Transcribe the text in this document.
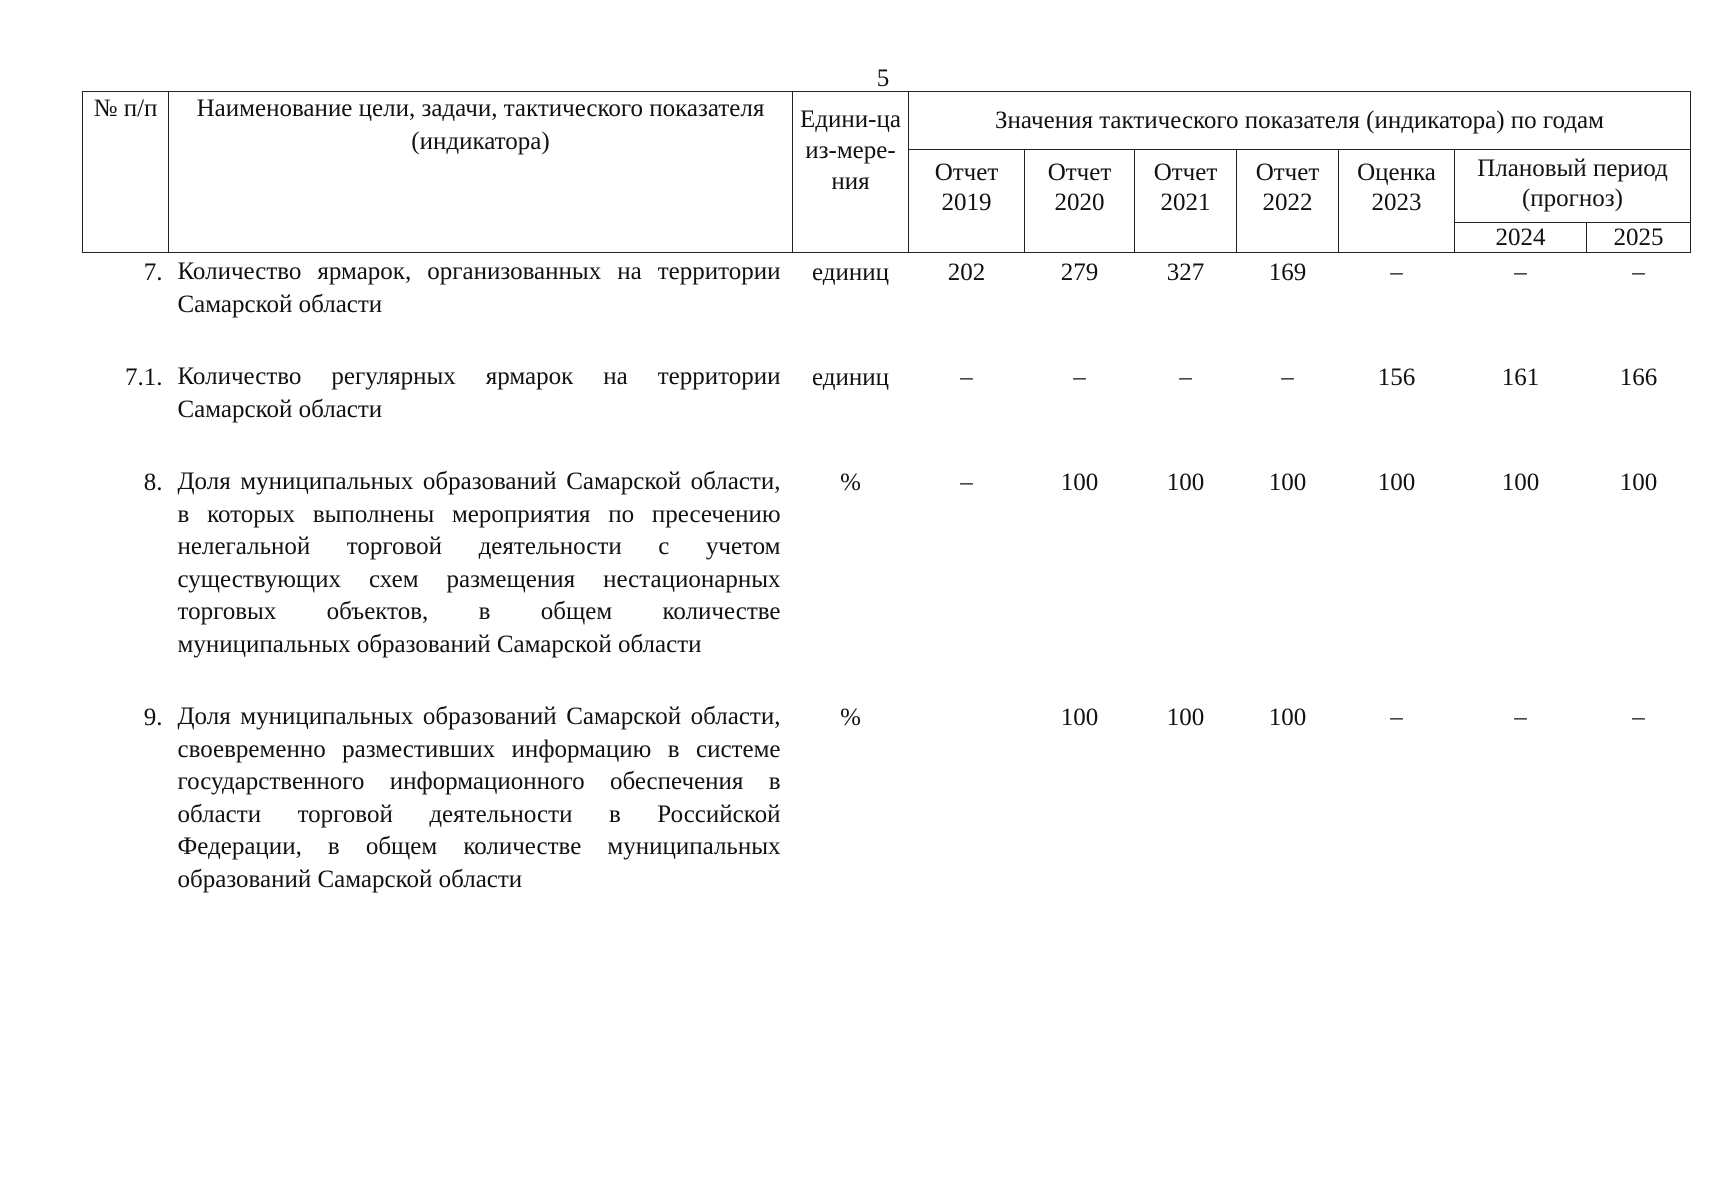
5
№ п/п	Наименование цели, задачи, тактического показателя (индикатора)	Едини-ца из-мере-ния	Значения тактического показателя (индикатора) по годам						
			Отчет 2019	Отчет 2020	Отчет 2021	Отчет 2022	Оценка 2023	Плановый период (прогноз)	
								2024	2025
7.	Количество ярмарок, организованных на территории Самарской области	единиц	202	279	327	169	–	–	–
7.1.	Количество регулярных ярмарок на территории Самарской области	единиц	–	–	–	–	156	161	166
8.	Доля муниципальных образований Самарской области, в которых выполнены мероприятия по пресечению нелегальной торговой деятельности с учетом существующих схем размещения нестационарных торговых объектов, в общем количестве муниципальных образований Самарской области	%	–	100	100	100	100	100	100
9.	Доля муниципальных образований Самарской области, своевременно разместивших информацию в системе государственного информационного обеспечения в области торговой деятельности в Российской Федерации, в общем количестве муниципальных образований Самарской области	%		100	100	100	–	–	–
